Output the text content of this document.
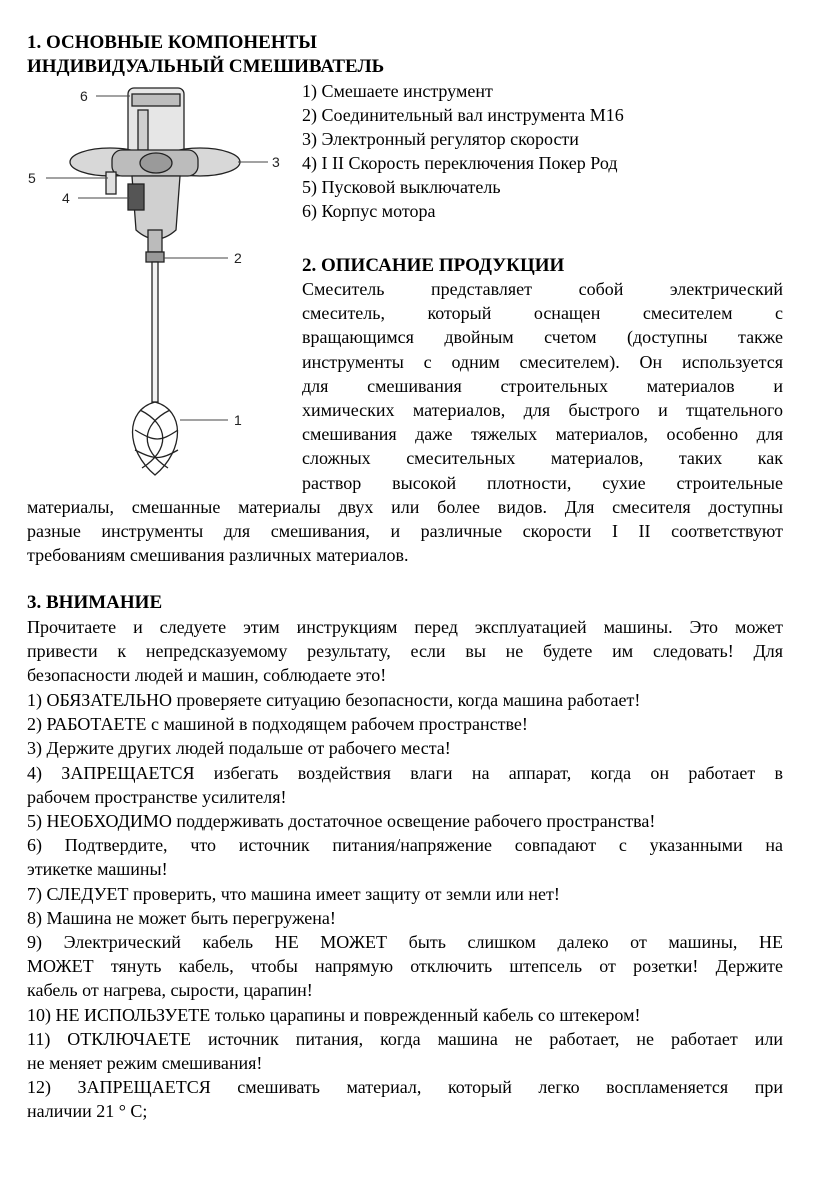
1. ОСНОВНЫЕ КОМПОНЕНТЫ
ИНДИВИДУАЛЬНЫЙ СМЕШИВАТЕЛЬ
6
5
4
3
2
1
1) Смешаете инструмент
2) Соединительный вал инструмента М16
3) Электронный регулятор скорости
4) I II Скорость переключения Покер Род
5) Пусковой выключатель
6) Корпус мотора
2. ОПИСАНИЕ ПРОДУКЦИИ
Смеситель представляет собой электрический
смеситель, который оснащен смесителем с
вращающимся двойным счетом (доступны также
инструменты с одним смесителем). Он используется
для смешивания строительных материалов и
химических материалов, для быстрого и тщательного
смешивания даже тяжелых материалов, особенно для
сложных смесительных материалов, таких как
раствор высокой плотности, сухие строительные
материалы, смешанные материалы двух или более видов. Для смесителя доступны
разные инструменты для смешивания, и различные скорости I II соответствуют
требованиям смешивания различных материалов.
3. ВНИМАНИЕ
Прочитаете и следуете этим инструкциям перед эксплуатацией машины. Это может
привести к непредсказуемому результату, если вы не будете им следовать! Для
безопасности людей и машин, соблюдаете это!
1) ОБЯЗАТЕЛЬНО проверяете ситуацию безопасности, когда машина работает!
2) РАБОТАЕТЕ с машиной в подходящем рабочем пространстве!
3) Держите других людей подальше от рабочего места!
4) ЗАПРЕЩАЕТСЯ избегать воздействия влаги на аппарат, когда он работает в
рабочем пространстве усилителя!
5) НЕОБХОДИМО поддерживать достаточное освещение рабочего пространства!
6) Подтвердите, что источник питания/напряжение совпадают с указанными на
этикетке машины!
7) СЛЕДУЕТ проверить, что машина имеет защиту от земли или нет!
8) Машина не может быть перегружена!
9) Электрический кабель НЕ МОЖЕТ быть слишком далеко от машины, НЕ
МОЖЕТ тянуть кабель, чтобы напрямую отключить штепсель от розетки! Держите
кабель от нагрева, сырости, царапин!
10) НЕ ИСПОЛЬЗУЕТЕ только царапины и поврежденный кабель со штекером!
11) ОТКЛЮЧАЕТЕ источник питания, когда машина не работает, не работает или
не меняет режим смешивания!
12) ЗАПРЕЩАЕТСЯ смешивать материал, который легко воспламеняется при
наличии 21 ° С;
